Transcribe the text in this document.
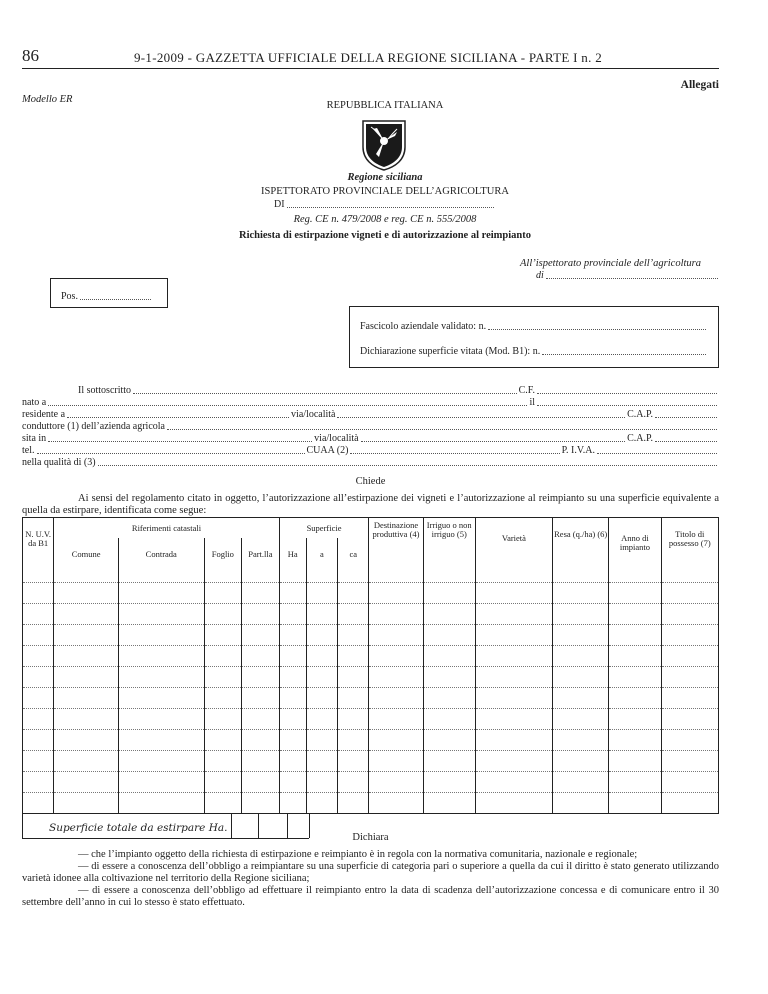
86	9-1-2009 - GAZZETTA UFFICIALE DELLA REGIONE SICILIANA - PARTE I n. 2
Allegati
Modello ER
REPUBBLICA ITALIANA
Regione siciliana
ISPETTORATO PROVINCIALE DELL’AGRICOLTURA
DI
Reg. CE n. 479/2008 e reg. CE n. 555/2008
Richiesta di estirpazione vigneti e di autorizzazione al reimpianto
All’ispettorato provinciale dell’agricoltura
di
Pos.
Fascicolo aziendale validato: n.
Dichiarazione superficie vitata (Mod. B1): n.
Il sottoscritto	C.F.
nato a	il
residente a	via/località	C.A.P.
conduttore (1) dell’azienda agricola
sita in	via/località	C.A.P.
tel.	CUAA (2)	P. I.V.A.
nella qualità di (3)
Chiede
Ai sensi del regolamento citato in oggetto, l’autorizzazione all’estirpazione dei vigneti e l’autorizzazione al reimpianto su una superficie equivalente a quella da estirpare, identificata come segue:
N. U.V. da B1	Riferimenti catastali				Superficie			Destinazione produttiva (4)	Irriguo o non irriguo (5)	Varietà	Resa (q./ha) (6)	Anno di impianto	Titolo di possesso (7)
	Comune	Contrada	Foglio	Part.lla	Ha	a	ca						

Superficie totale da estirpare Ha.
Dichiara
— che l’impianto oggetto della richiesta di estirpazione e reimpianto è in regola con la normativa comunitaria, nazionale e regionale;
— di essere a conoscenza dell’obbligo a reimpiantare su una superficie di categoria pari o superiore a quella da cui il diritto è stato generato utilizzando varietà idonee alla coltivazione nel territorio della Regione siciliana;
— di essere a conoscenza dell’obbligo ad effettuare il reimpianto entro la data di scadenza dell’autorizzazione concessa e di comunicare entro il 30 settembre dell’anno in cui lo stesso è stato effettuato.
